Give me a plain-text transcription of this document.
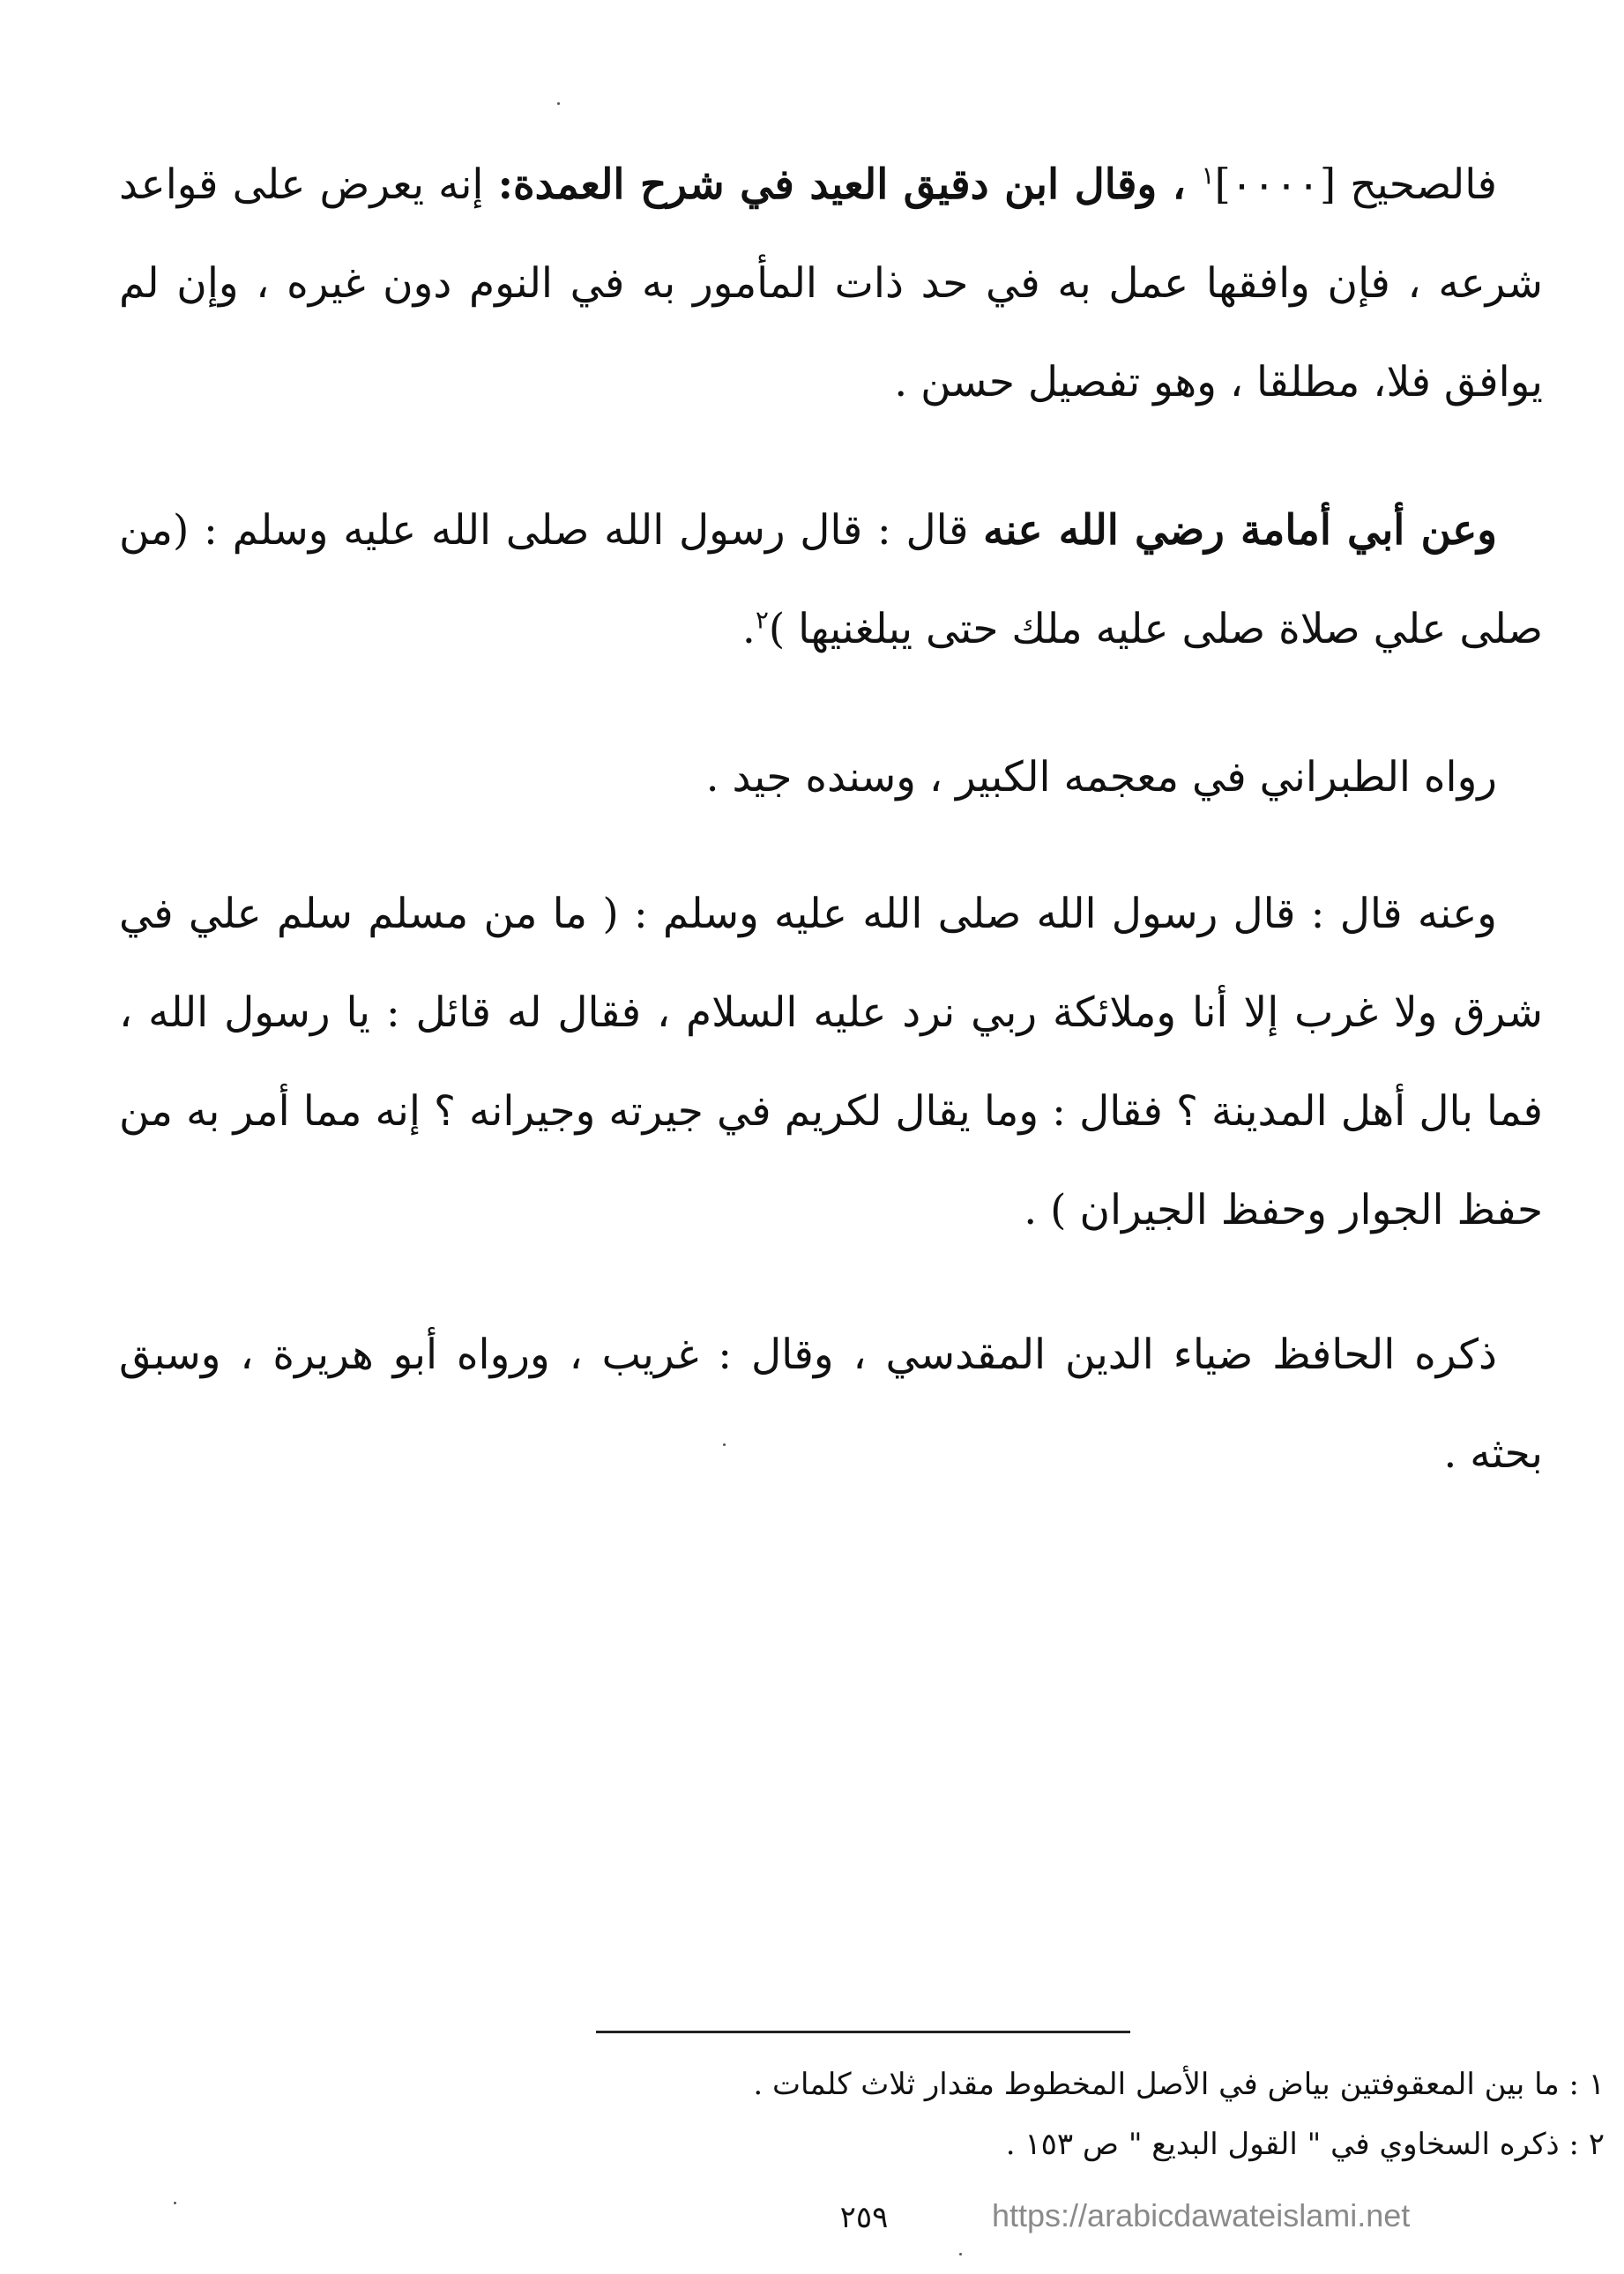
فالصحيح [٠٠٠٠]$^١$ ، وقال ابن دقيق العيد في شرح العمدة: إنه يعرض على قواعد شرعه ، فإن وافقها عمل به في حد ذات المأمور به في النوم دون غيره ، وإن لم يوافق فلا، مطلقا ، وهو تفصيل حسن .

وعن أبي أمامة رضي الله عنه قال : قال رسول الله صلى الله عليه وسلم : (من صلى علي صلاة صلى عليه ملك حتى يبلغنيها )$^٢$.

رواه الطبراني في معجمه الكبير ، وسنده جيد .

وعنه قال : قال رسول الله صلى الله عليه وسلم : ( ما من مسلم سلم علي في شرق ولا غرب إلا أنا وملائكة ربي نرد عليه السلام ، فقال له قائل : يا رسول الله ، فما بال أهل المدينة ؟ فقال : وما يقال لكريم في جيرته وجيرانه ؟ إنه مما أمر به من حفظ الجوار وحفظ الجيران ) .

ذكره الحافظ ضياء الدين المقدسي ، وقال : غريب ، ورواه أبو هريرة ، وسبق بحثه .

١ : ما بين المعقوفتين بياض في الأصل المخطوط مقدار ثلاث كلمات .

٢ : ذكره السخاوي في " القول البديع " ص ١٥٣ .

٢٥٩	https://arabicdawateislami.net
